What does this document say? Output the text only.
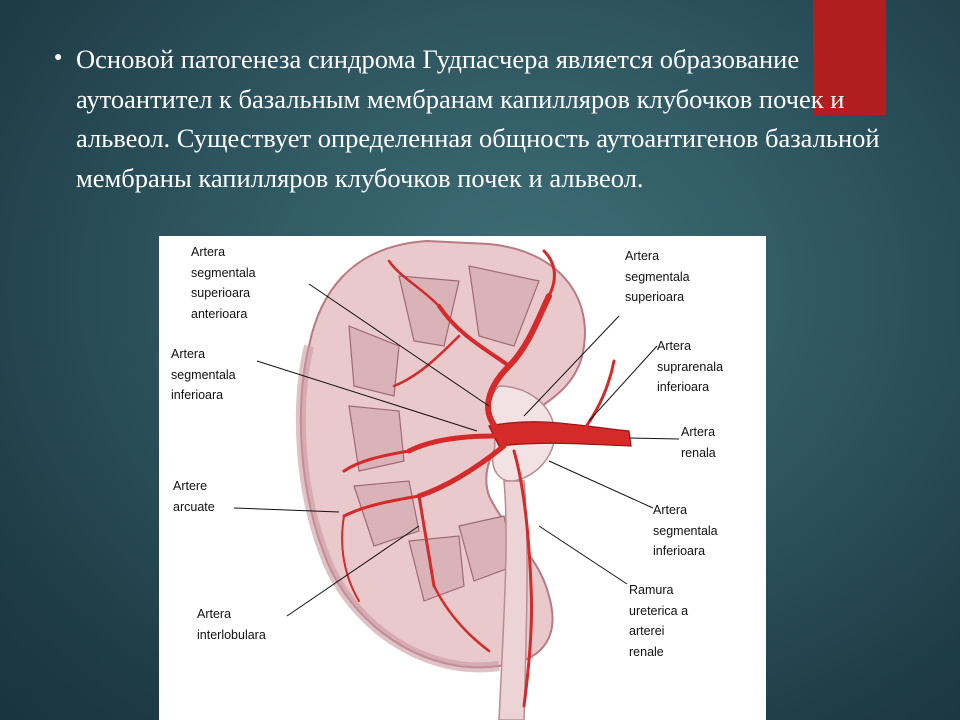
● Основой патогенеза синдрома Гудпасчера является образование аутоантител к базальным мембранам капилляров клубочков почек и альвеол. Существует определенная общность аутоантигенов базальной мембраны капилляров клубочков почек и альвеол.
Artera
segmentala
superioara
anterioara
Artera
segmentala
inferioara
Artere
arcuate
Artera
interlobulara
Artera
segmentala
superioara
Artera
suprarenala
inferioara
Artera
renala
Artera
segmentala
inferioara
Ramura
ureterica a
arterei
renale
